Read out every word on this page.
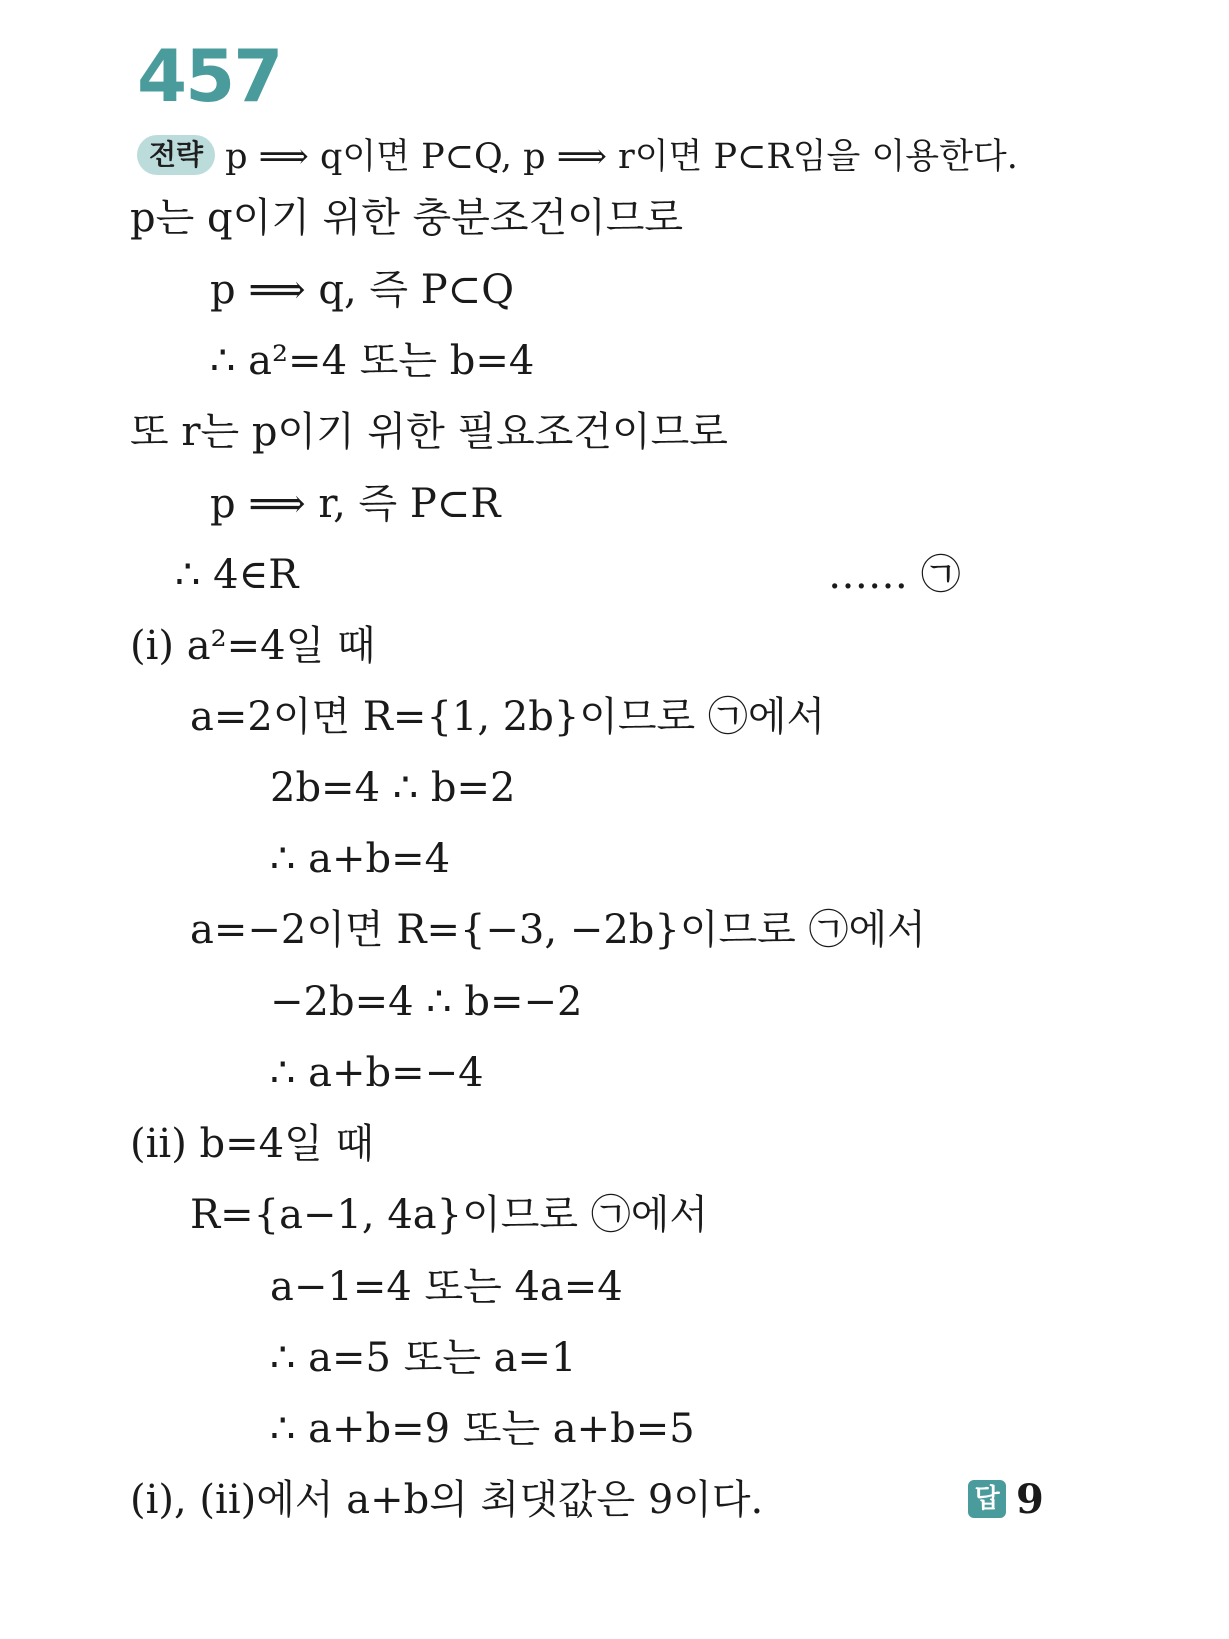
457
전략 p ⟹ q이면 P⊂Q, p ⟹ r이면 P⊂R임을 이용한다.
p는 q이기 위한 충분조건이므로
p ⟹ q, 즉 P⊂Q
∴ a²=4 또는 b=4
또 r는 p이기 위한 필요조건이므로
p ⟹ r, 즉 P⊂R
∴ 4∈R	…… ㉠
(i) a²=4일 때
a=2이면 R={1, 2b}이므로 ㉠에서
2b=4 ∴ b=2
∴ a+b=4
a=−2이면 R={−3, −2b}이므로 ㉠에서
−2b=4 ∴ b=−2
∴ a+b=−4
(ii) b=4일 때
R={a−1, 4a}이므로 ㉠에서
a−1=4 또는 4a=4
∴ a=5 또는 a=1
∴ a+b=9 또는 a+b=5
(i), (ii)에서 a+b의 최댓값은 9이다.	답 9
